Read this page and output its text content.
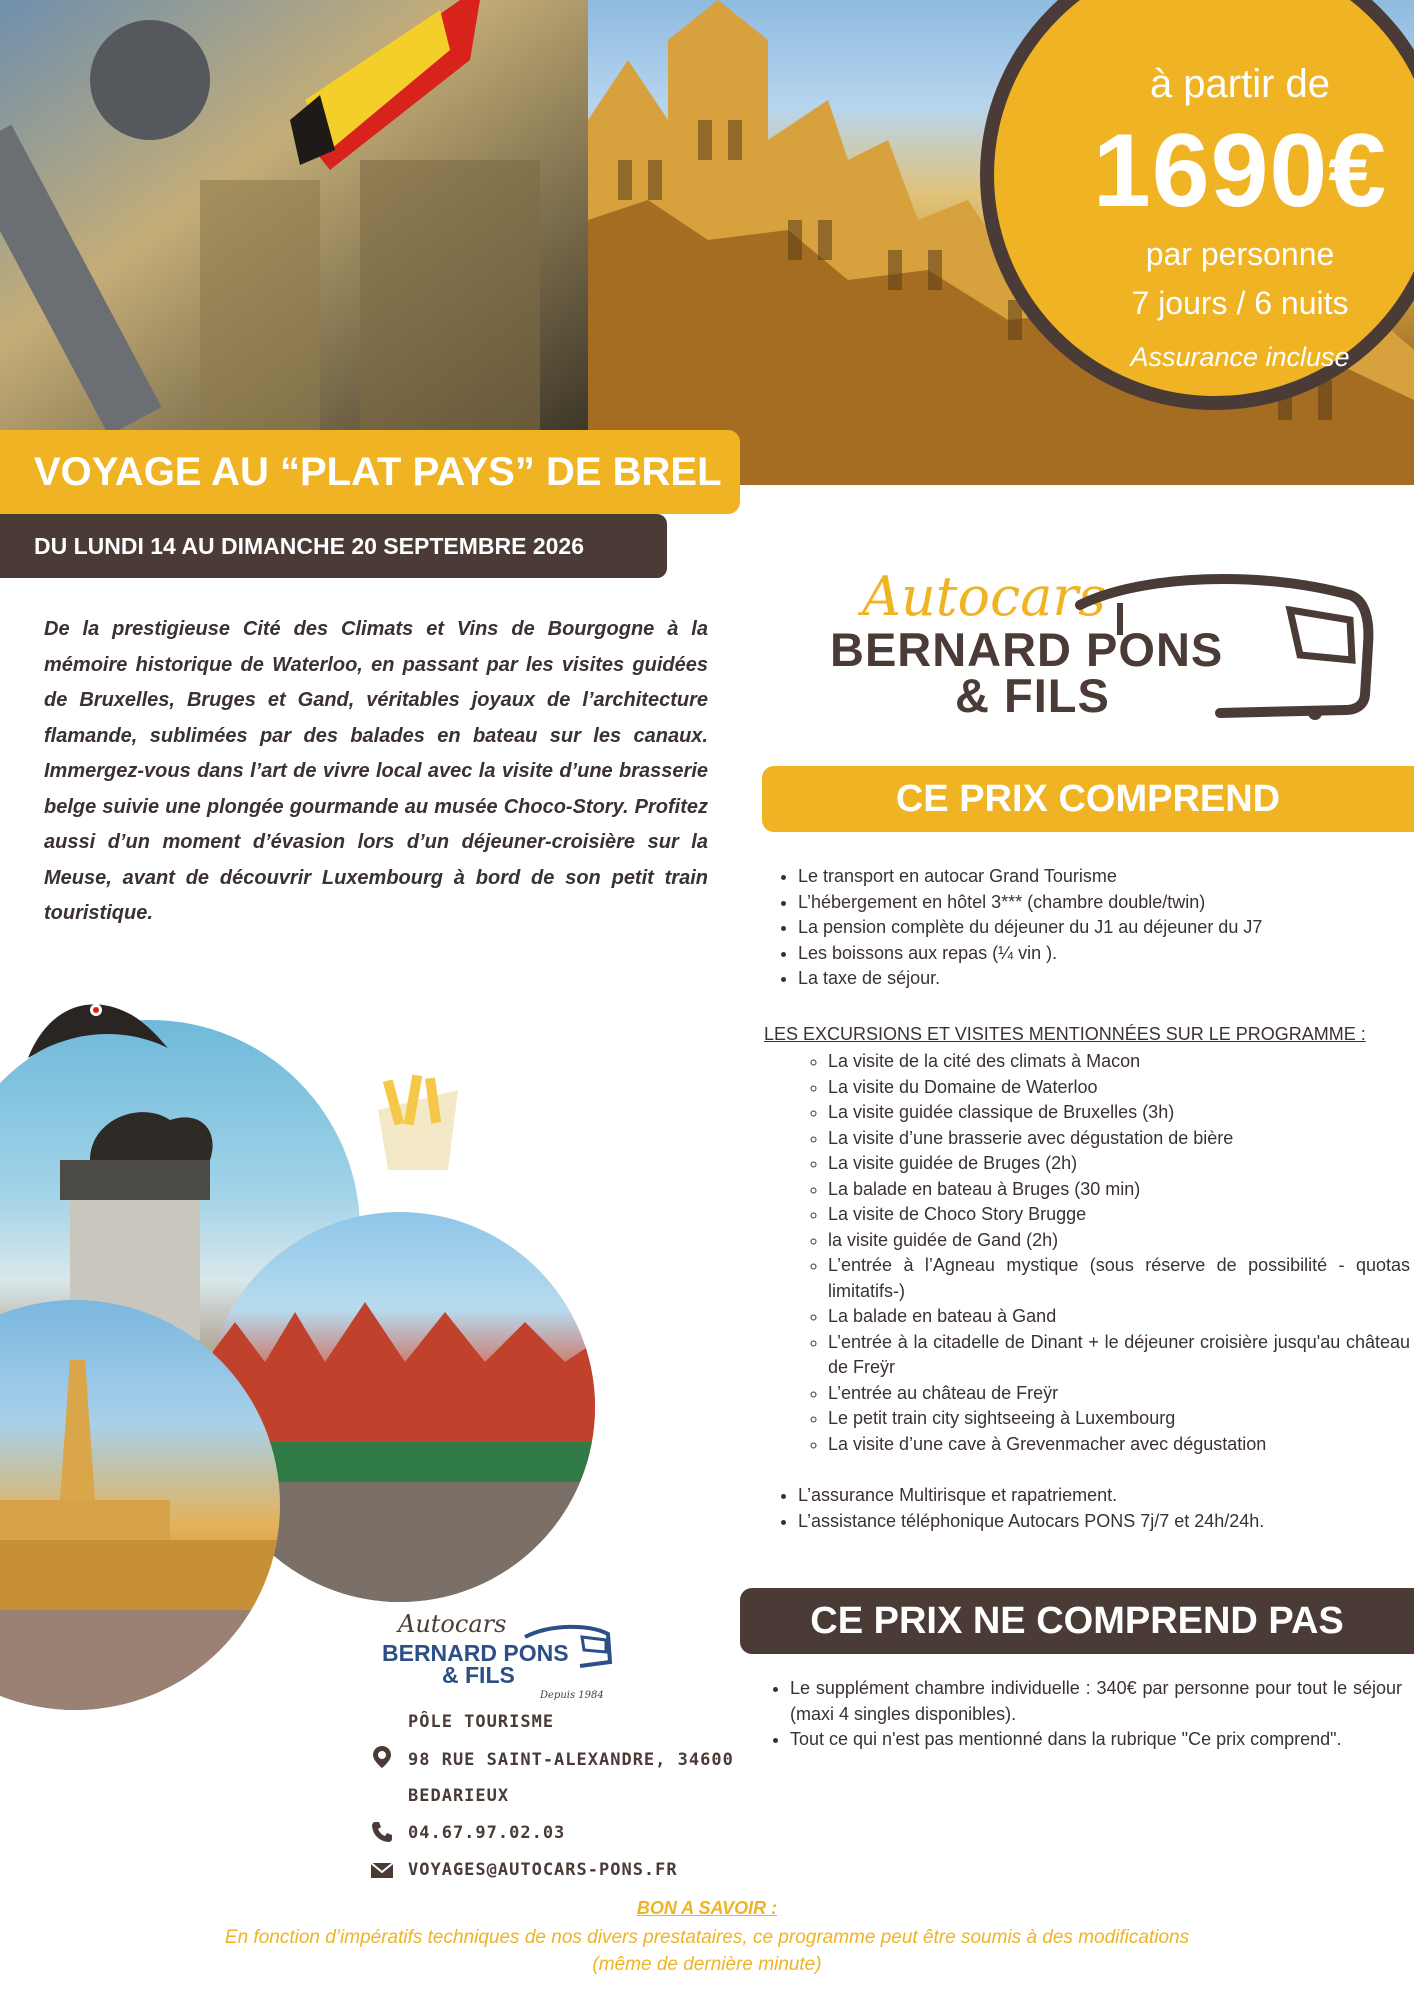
à partir de
1690€
par personne
7 jours / 6 nuits
Assurance incluse
VOYAGE AU “PLAT PAYS” DE BREL
DU LUNDI 14 AU DIMANCHE 20 SEPTEMBRE 2026
De la prestigieuse Cité des Climats et Vins de Bourgogne à la mémoire historique de Waterloo, en passant par les visites guidées de Bruxelles, Bruges et Gand, véritables joyaux de l’architecture flamande, sublimées par des balades en bateau sur les canaux. Immergez-vous dans l’art de vivre local avec la visite d’une brasserie belge suivie une plongée gourmande au musée Choco-Story. Profitez aussi d’un moment d’évasion lors d’un déjeuner-croisière sur la Meuse, avant de découvrir Luxembourg à bord de son petit train touristique.
Autocars
BERNARD PONS
& FILS
CE PRIX COMPREND
• Le transport en autocar Grand Tourisme
• L’hébergement en hôtel 3*** (chambre double/twin)
• La pension complète du déjeuner du J1 au déjeuner du J7
• Les boissons aux repas (¼ vin ).
• La taxe de séjour.
LES EXCURSIONS ET VISITES MENTIONNÉES SUR LE PROGRAMME :
◦ La visite de la cité des climats à Macon
◦ La visite du Domaine de Waterloo
◦ La visite guidée classique de Bruxelles (3h)
◦ La visite d’une brasserie avec dégustation de bière
◦ La visite guidée de Bruges (2h)
◦ La balade en bateau à Bruges (30 min)
◦ La visite de Choco Story Brugge
◦ la visite guidée de Gand (2h)
◦ L’entrée à l’Agneau mystique (sous réserve de possibilité - quotas limitatifs-)
◦ La balade en bateau à Gand
◦ L’entrée à la citadelle de Dinant + le déjeuner croisière jusqu'au château de Freÿr
◦ L’entrée au château de Freÿr
◦ Le petit train city sightseeing à Luxembourg
◦ La visite d’une cave à Grevenmacher avec dégustation
• L’assurance Multirisque et rapatriement.
• L’assistance téléphonique Autocars PONS 7j/7 et 24h/24h.
CE PRIX NE COMPREND PAS
• Le supplément chambre individuelle : 340€ par personne pour tout le séjour (maxi 4 singles disponibles).
• Tout ce qui n'est pas mentionné dans la rubrique "Ce prix comprend".
Autocars
BERNARD PONS
& FILS
Depuis 1984
PÔLE TOURISME
98 RUE SAINT-ALEXANDRE, 34600
BEDARIEUX
04.67.97.02.03
VOYAGES@AUTOCARS-PONS.FR
BON A SAVOIR :
En fonction d’impératifs techniques de nos divers prestataires, ce programme peut être soumis à des modifications
(même de dernière minute)
